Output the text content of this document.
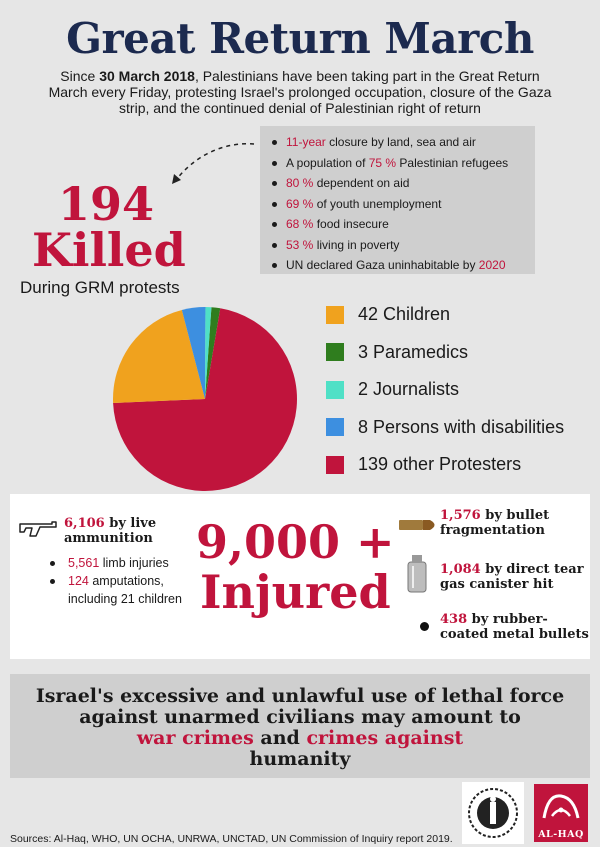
Great Return March
Since 30 March 2018, Palestinians have been taking part in the Great Return March every Friday, protesting Israel's prolonged occupation, closure of the Gaza strip, and the continued denial of Palestinian right of return
11-year closure by land, sea and air
A population of 75 % Palestinian refugees
80 % dependent on aid
69 % of youth unemployment
68 % food insecure
53 % living in poverty
UN declared Gaza uninhabitable by 2020
194
Killed
During GRM protests
42 Children
3 Paramedics
2 Journalists
8 Persons with disabilities
139 other Protesters
6,106 by live
ammunition
5,561 limb injuries
124 amputations,
including 21 children
9,000 +
Injured
1,576 by bullet
fragmentation
1,084 by direct tear
gas canister hit
438 by rubber-
coated metal bullets
Israel's excessive and unlawful use of lethal force
against unarmed civilians may amount to
war crimes and crimes against
humanity
Sources: Al-Haq, WHO, UN OCHA, UNRWA, UNCTAD, UN Commission of Inquiry report 2019.	AL-HAQ
